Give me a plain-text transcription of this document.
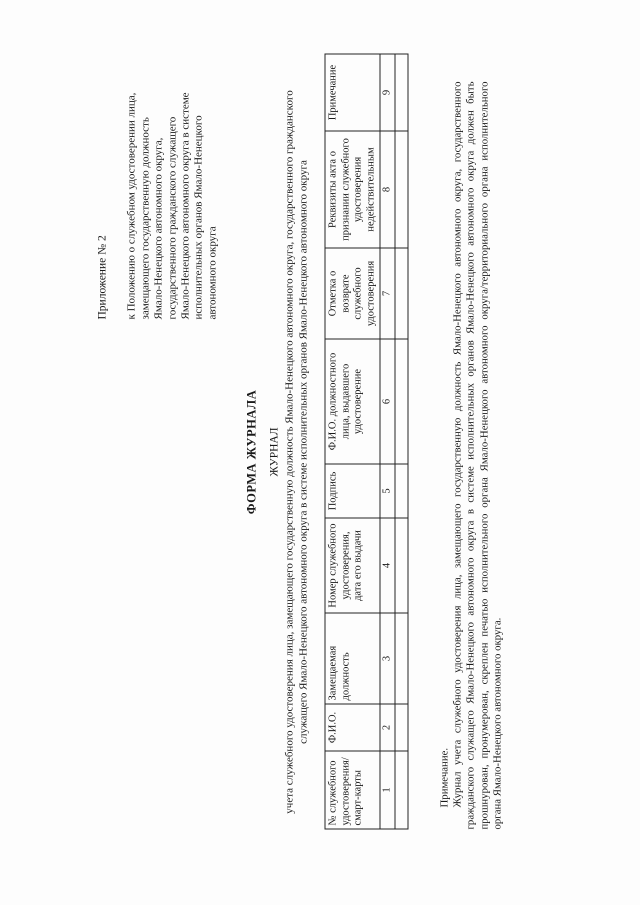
Приложение № 2 к Положению о служебном удостоверении лица, замещающего государственную должность Ямало-Ненецкого автономного округа, государственного гражданского служащего Ямало-Ненецкого автономного округа в системе исполнительных органов Ямало-Ненецкого автономного округа
ФОРМА ЖУРНАЛА ЖУРНАЛ учета служебного удостоверения лица, замещающего государственную должность Ямало-Ненецкого автономного округа, государственного гражданского служащего Ямало-Ненецкого автономного округа в системе исполнительных органов Ямало-Ненецкого автономного округа
№ служебного удостоверения/ смарт-карты	Ф.И.О.	Замещаемая должность	Номер служебного удостоверения, дата его выдачи	Подпись	Ф.И.О. должностного лица, выдавшего удостоверение	Отметка о возврате служебного удостоверения	Реквизиты акта о признании служебного удостоверения недействительным	Примечание
1	2	3	4	5	6	7	8	9

Примечание. Журнал учета служебного удостоверения лица, замещающего государственную должность Ямало-Ненецкого автономного округа, государственного гражданского служащего Ямало-Ненецкого автономного округа в системе исполнительных органов Ямало-Ненецкого автономного округа должен быть прошнурован, пронумерован, скреплен печатью исполнительного органа Ямало-Ненецкого автономного округа/территориального органа исполнительного органа Ямало-Ненецкого автономного округа.
